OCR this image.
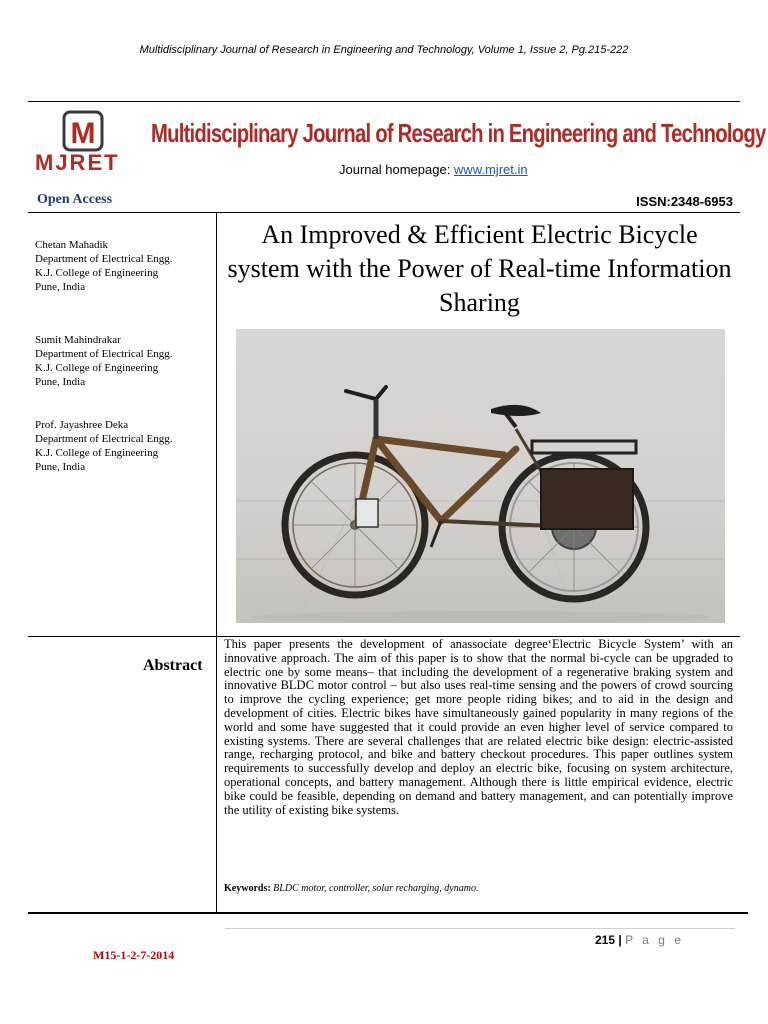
Multidisciplinary Journal of Research in Engineering and Technology, Volume 1, Issue 2, Pg.215-222
M
MJRET
Multidisciplinary Journal of Research in Engineering and Technology
Journal homepage: www.mjret.in
Open Access	ISSN:2348-6953
Chetan Mahadik
Department of Electrical Engg.
K.J. College of Engineering
Pune, India
Sumit Mahindrakar
Department of Electrical Engg.
K.J. College of Engineering
Pune, India
Prof. Jayashree Deka
Department of Electrical Engg.
K.J. College of Engineering
Pune, India
An Improved & Efficient Electric Bicycle system with the Power of Real-time Information Sharing
Abstract
This paper presents the development of anassociate degree‘Electric Bicycle System’ with an innovative approach. The aim of this paper is to show that the normal bi-cycle can be upgraded to electric one by some means– that including the development of a regenerative braking system and innovative BLDC motor control – but also uses real-time sensing and the powers of crowd sourcing to improve the cycling experience; get more people riding bikes; and to aid in the design and development of cities. Electric bikes have simultaneously gained popularity in many regions of the world and some have suggested that it could provide an even higher level of service compared to existing systems. There are several challenges that are related electric bike design: electric-assisted range, recharging protocol, and bike and battery checkout procedures. This paper outlines system requirements to successfully develop and deploy an electric bike, focusing on system architecture, operational concepts, and battery management. Although there is little empirical evidence, electric bike could be feasible, depending on demand and battery management, and can potentially improve the utility of existing bike systems.
Keywords: BLDC motor, controller, solar recharging, dynamo.
215 | P a g e
M15-1-2-7-2014
